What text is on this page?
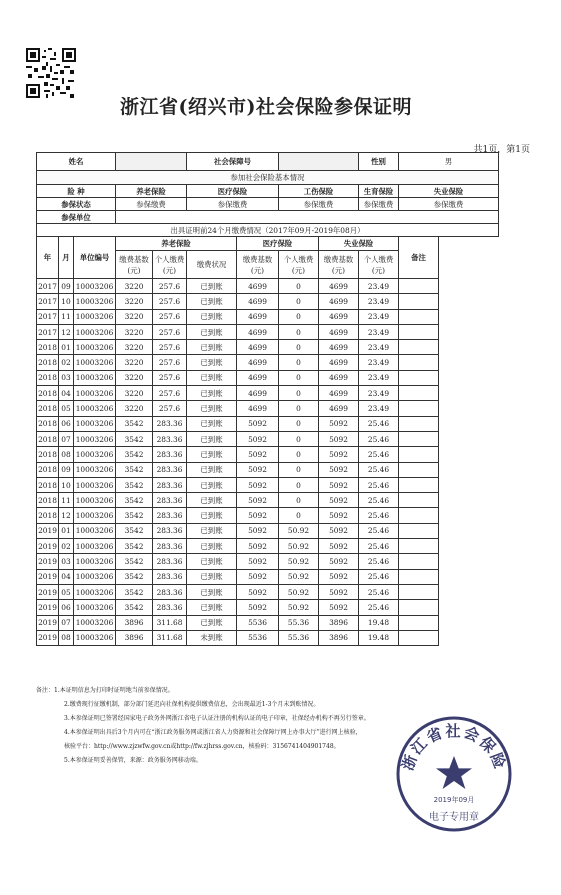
浙江省(绍兴市)社会保险参保证明
共1页，第1页
姓名					社会保障号				性别	男
参加社会保险基本情况										
险 种			养老保险		医疗保险		工伤保险		生育保险	失业保险
参保状态			参保缴费		参保缴费		参保缴费		参保缴费	参保缴费
参保单位										
出具证明前24个月缴费情况（2017年09月-2019年08月）										
年	月	单位编号	养老保险			医疗保险		失业保险		备注
			缴费基数(元)	个人缴费(元)	缴费状况	缴费基数(元)	个人缴费(元)	缴费基数(元)	个人缴费(元)	
2017	09	10003206	3220	257.6	已到账	4699	0	4699	23.49	
2017	10	10003206	3220	257.6	已到账	4699	0	4699	23.49	
2017	11	10003206	3220	257.6	已到账	4699	0	4699	23.49	
2017	12	10003206	3220	257.6	已到账	4699	0	4699	23.49	
2018	01	10003206	3220	257.6	已到账	4699	0	4699	23.49	
2018	02	10003206	3220	257.6	已到账	4699	0	4699	23.49	
2018	03	10003206	3220	257.6	已到账	4699	0	4699	23.49	
2018	04	10003206	3220	257.6	已到账	4699	0	4699	23.49	
2018	05	10003206	3220	257.6	已到账	4699	0	4699	23.49	
2018	06	10003206	3542	283.36	已到账	5092	0	5092	25.46	
2018	07	10003206	3542	283.36	已到账	5092	0	5092	25.46	
2018	08	10003206	3542	283.36	已到账	5092	0	5092	25.46	
2018	09	10003206	3542	283.36	已到账	5092	0	5092	25.46	
2018	10	10003206	3542	283.36	已到账	5092	0	5092	25.46	
2018	11	10003206	3542	283.36	已到账	5092	0	5092	25.46	
2018	12	10003206	3542	283.36	已到账	5092	0	5092	25.46	
2019	01	10003206	3542	283.36	已到账	5092	50.92	5092	25.46	
2019	02	10003206	3542	283.36	已到账	5092	50.92	5092	25.46	
2019	03	10003206	3542	283.36	已到账	5092	50.92	5092	25.46	
2019	04	10003206	3542	283.36	已到账	5092	50.92	5092	25.46	
2019	05	10003206	3542	283.36	已到账	5092	50.92	5092	25.46	
2019	06	10003206	3542	283.36	已到账	5092	50.92	5092	25.46	
2019	07	10003206	3896	311.68	已到账	5536	55.36	3896	19.48	
2019	08	10003206	3896	311.68	未到账	5536	55.36	3896	19.48	
备注：1.本证明信息为打印时证明地当前参保情况。
2.缴费现行征缴机制，部分部门延迟向社保机构提供缴费信息，会出现最近1-3个月未到账情况。
3.本参保证明已签署经国家电子政务外网浙江省电子认证注册的机构认证的电子印章，社保经办机构不再另行签章。
4.本参保证明出具后3个月内可在“浙江政务服务网或浙江省人力资源和社会保障厅网上办事大厅”进行网上核验，
核验平台：http://www.zjzwfw.gov.cn或http://fw.zjhrss.gov.cn，核验码：3156741404901748。
5.本参保证明妥善保管，来源：政务服务网移动端。	浙江省社会保险
2019年09月
电子专用章
